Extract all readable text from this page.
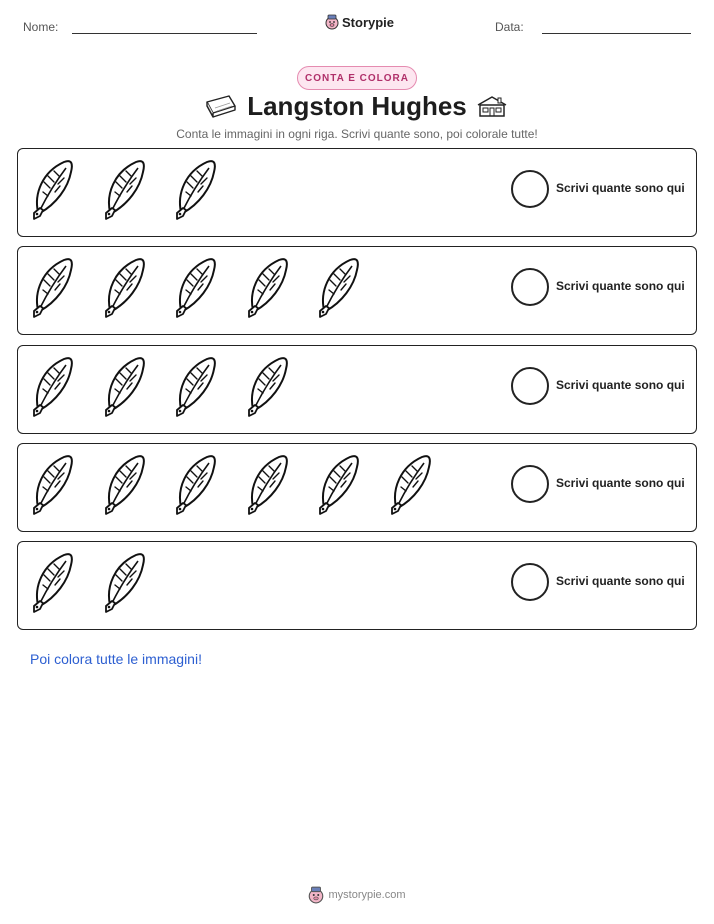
Nome:	Storypie	Data:
CONTA E COLORA
Langston Hughes
Conta le immagini in ogni riga. Scrivi quante sono, poi colorale tutte!
Scrivi quante sono qui
Scrivi quante sono qui
Scrivi quante sono qui
Scrivi quante sono qui
Scrivi quante sono qui
Poi colora tutte le immagini!
mystorypie.com
